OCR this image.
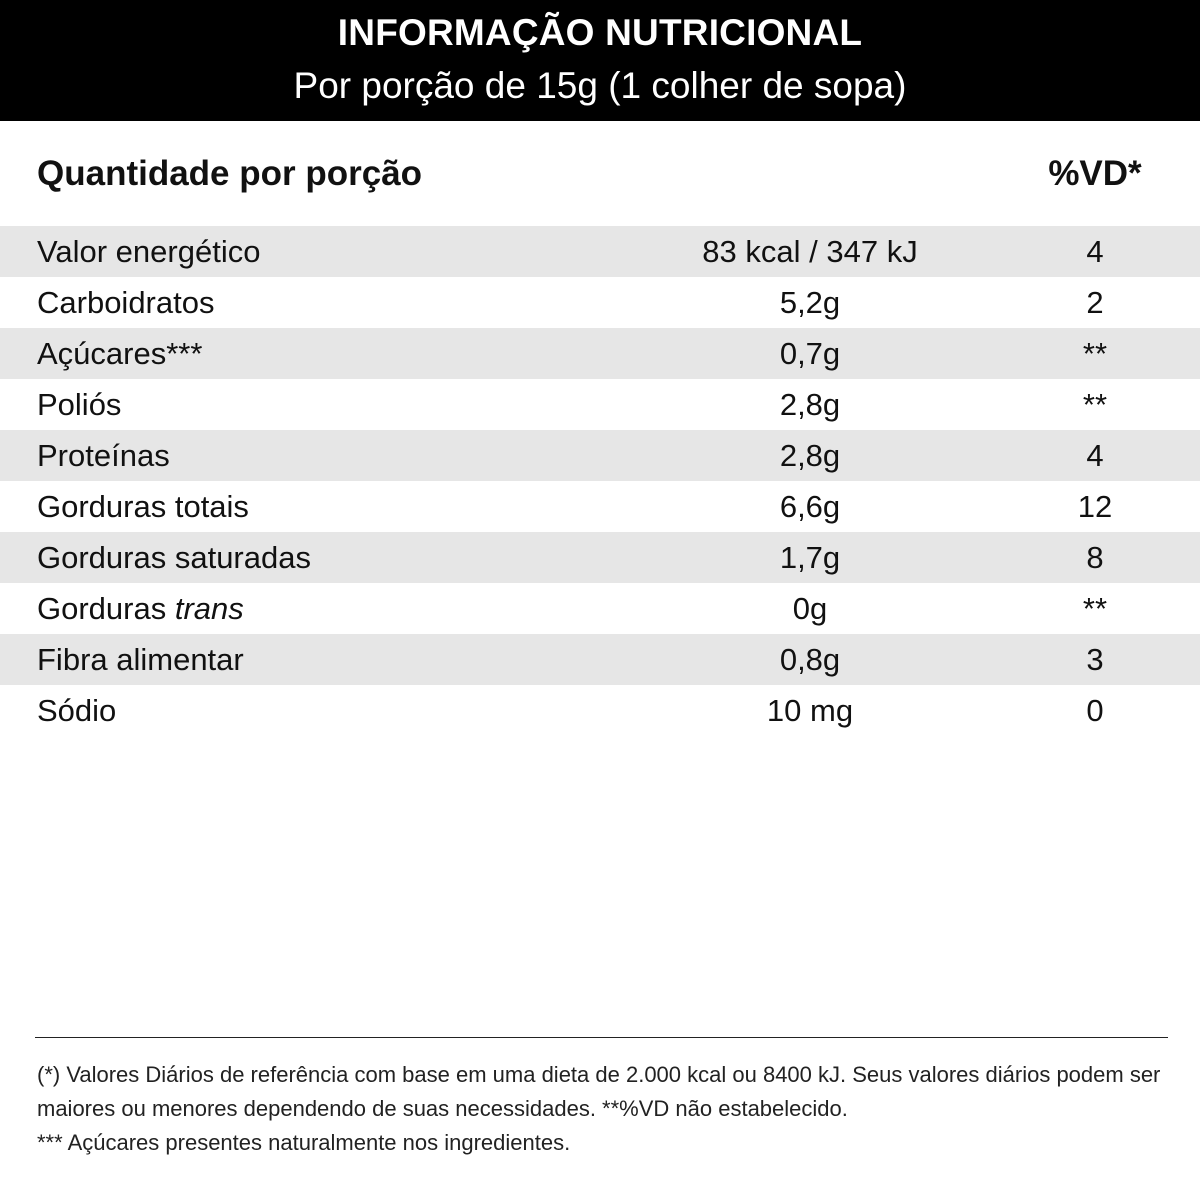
INFORMAÇÃO NUTRICIONAL
Por porção de 15g (1 colher de sopa)
Quantidade por porção	%VD*
Valor energético	83 kcal / 347 kJ	4
Carboidratos	5,2g	2
Açúcares***	0,7g	**
Poliós	2,8g	**
Proteínas	2,8g	4
Gorduras totais	6,6g	12
Gorduras saturadas	1,7g	8
Gorduras trans	0g	**
Fibra alimentar	0,8g	3
Sódio	10 mg	0
(*) Valores Diários de referência com base em uma dieta de 2.000 kcal ou 8400 kJ. Seus valores diários podem ser maiores ou menores dependendo de suas necessidades. **%VD não estabelecido.
*** Açúcares presentes naturalmente nos ingredientes.
